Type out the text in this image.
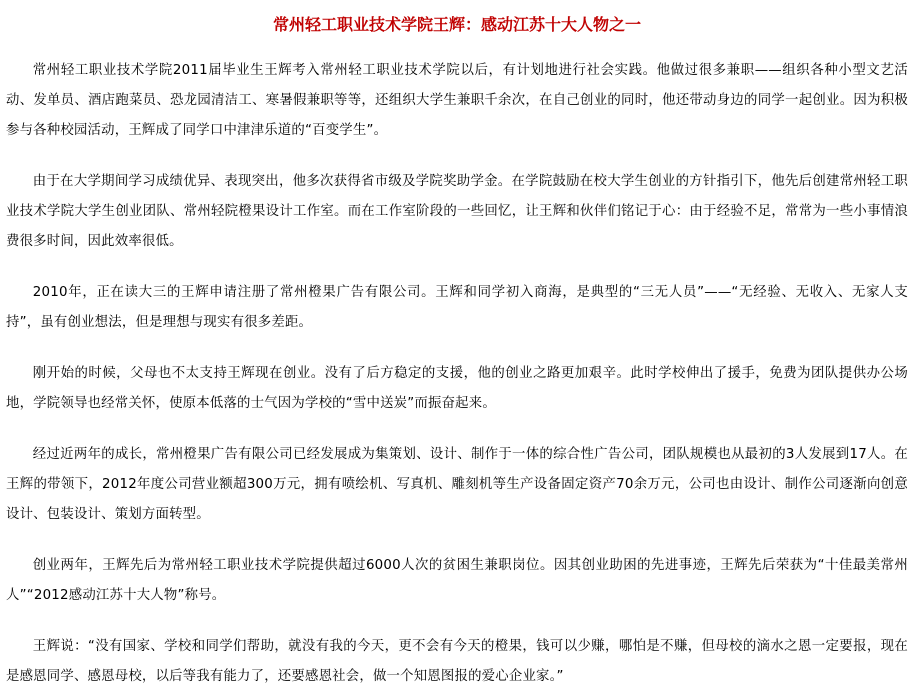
常州轻工职业技术学院王辉：感动江苏十大人物之一

常州轻工职业技术学院2011届毕业生王辉考入常州轻工职业技术学院以后，有计划地进行社会实践。他做过很多兼职——组织各种小型文艺活动、发单员、酒店跑菜员、恐龙园清洁工、寒暑假兼职等等，还组织大学生兼职千余次，在自己创业的同时，他还带动身边的同学一起创业。因为积极参与各种校园活动，王辉成了同学口中津津乐道的“百变学生”。

由于在大学期间学习成绩优异、表现突出，他多次获得省市级及学院奖助学金。在学院鼓励在校大学生创业的方针指引下，他先后创建常州轻工职业技术学院大学生创业团队、常州轻院橙果设计工作室。而在工作室阶段的一些回忆，让王辉和伙伴们铭记于心：由于经验不足，常常为一些小事情浪费很多时间，因此效率很低。

2010年，正在读大三的王辉申请注册了常州橙果广告有限公司。王辉和同学初入商海，是典型的“三无人员”——“无经验、无收入、无家人支持”，虽有创业想法，但是理想与现实有很多差距。

刚开始的时候，父母也不太支持王辉现在创业。没有了后方稳定的支援，他的创业之路更加艰辛。此时学校伸出了援手，免费为团队提供办公场地，学院领导也经常关怀，使原本低落的士气因为学校的“雪中送炭”而振奋起来。

经过近两年的成长，常州橙果广告有限公司已经发展成为集策划、设计、制作于一体的综合性广告公司，团队规模也从最初的3人发展到17人。在王辉的带领下，2012年度公司营业额超300万元，拥有喷绘机、写真机、雕刻机等生产设备固定资产70余万元，公司也由设计、制作公司逐渐向创意设计、包装设计、策划方面转型。

创业两年，王辉先后为常州轻工职业技术学院提供超过6000人次的贫困生兼职岗位。因其创业助困的先进事迹，王辉先后荣获为“十佳最美常州人”“2012感动江苏十大人物”称号。

王辉说：“没有国家、学校和同学们帮助，就没有我的今天，更不会有今天的橙果，钱可以少赚，哪怕是不赚，但母校的滴水之恩一定要报，现在是感恩同学、感恩母校，以后等我有能力了，还要感恩社会，做一个知恩图报的爱心企业家。”
